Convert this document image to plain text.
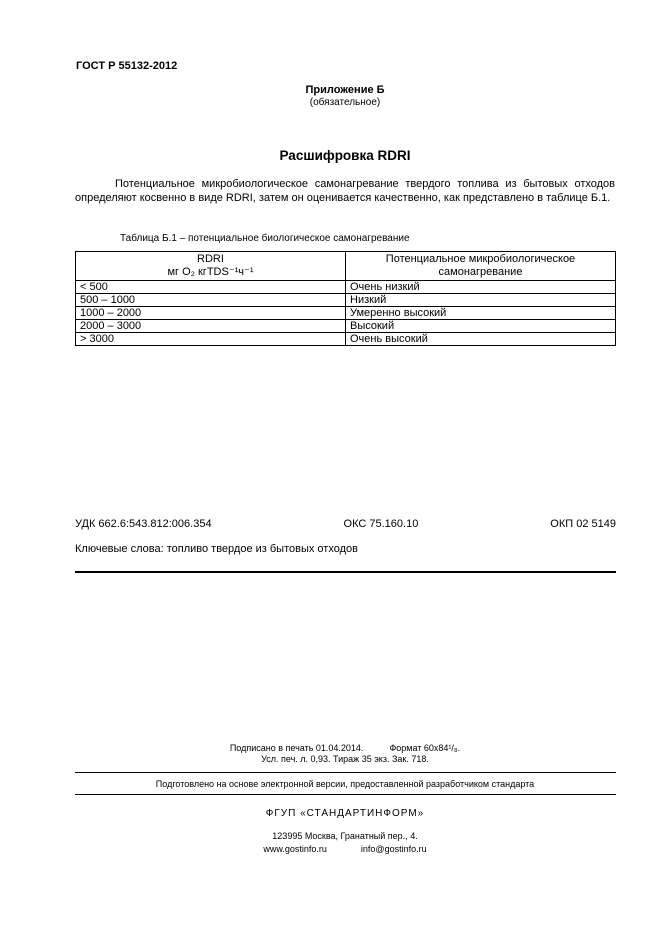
ГОСТ Р 55132-2012
Приложение Б
(обязательное)
Расшифровка RDRI
Потенциальное микробиологическое самонагревание твердого топлива из бытовых отходов определяют косвенно в виде RDRI, затем он оценивается качественно, как представлено в таблице Б.1.
Таблица Б.1 – потенциальное биологическое самонагревание
RDRI
мг О₂ кгTDS⁻¹ч⁻¹	Потенциальное микробиологическое самонагревание
< 500	Очень низкий
500 – 1000	Низкий
1000 – 2000	Умеренно высокий
2000 – 3000	Высокий
> 3000	Очень высокий
УДК 662.6:543.812:006.354	ОКС 75.160.10	ОКП 02 5149
Ключевые слова: топливо твердое из бытовых отходов
Подписано в печать 01.04.2014.	Формат 60x84¹/₈.
Усл. печ. л. 0,93. Тираж 35 экз. Зак. 718.
Подготовлено на основе электронной версии, предоставленной разработчиком стандарта
ФГУП «СТАНДАРТИНФОРМ»
123995 Москва, Гранатный пер., 4.
www.gostinfo.ru	info@gostinfo.ru
